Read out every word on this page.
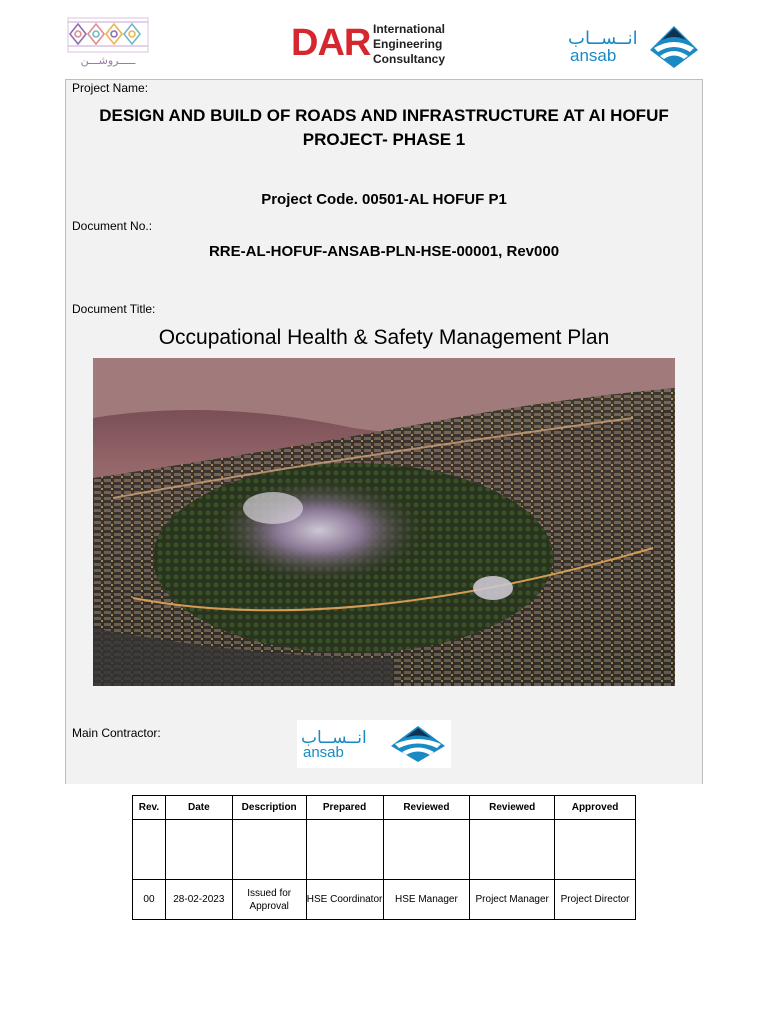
ـــــروشـــن	DAR International
Engineering
Consultancy
انــســاب
ansab
Project Name:
DESIGN AND BUILD OF ROADS AND INFRASTRUCTURE AT Al HOFUF
PROJECT- PHASE 1
Project Code. 00501-AL HOFUF P1
Document No.:
RRE-AL-HOFUF-ANSAB-PLN-HSE-00001, Rev000
Document Title:
Occupational Health & Safety Management Plan
Main Contractor:	انــســاب
ansab
Rev.	Date	Description	Prepared	Reviewed	Reviewed	Approved

00	28-02-2023	Issued for Approval	HSE Coordinator	HSE Manager	Project Manager	Project Director
